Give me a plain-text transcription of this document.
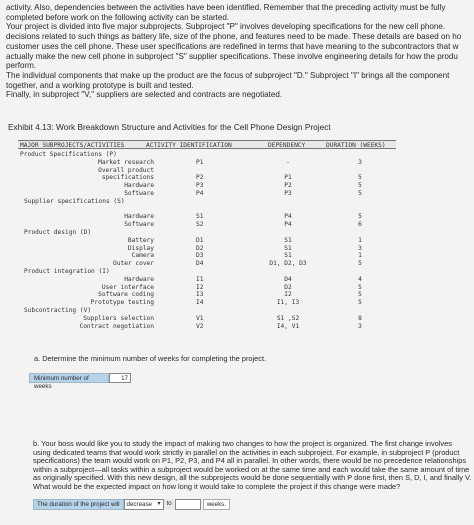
activity. Also, dependencies between the activities have been identified. Remember that the preceding activity must be fully

completed before work on the following activity can be started.

Your project is divided into five major subprojects. Subproject "P" involves developing specifications for the new cell phone.

decisions related to such things as battery life, size of the phone, and features need to be made. These details are based on ho

customer uses the cell phone. These user specifications are redefined in terms that have meaning to the subcontractors that w

actually make the new cell phone in subproject "S" supplier specifications. These involve engineering details for how the produ

perform.

The individual components that make up the product are the focus of subproject "D." Subproject "I" brings all the component

together, and a working prototype is built and tested.

Finally, in subproject "V," suppliers are selected and contracts are negotiated.

Exhibit 4.13: Work Breakdown Structure and Activities for the Cell Phone Design Project
MAJOR SUBPROJECTS/ACTIVITIES	ACTIVITY IDENTIFICATION	DEPENDENCY	DURATION (WEEKS)
Product Specifications (P)
Market research	P1	-	3
Overall product
specifications	P2	P1	5
Hardware	P3	P2	5
Software	P4	P3	5
Supplier specifications (S)
Hardware	S1	P4	5
Software	S2	P4	6
Product design (D)
Battery	D1	S1	1
Display	D2	S1	3
Camera	D3	S1	1
Outer cover	D4	D1, D2, D3	5
Product integration (I)
Hardware	I1	D4	4
User interface	I2	D2	5
Software coding	I3	I2	5
Prototype testing	I4	I1, I3	5
Subcontracting (V)
Suppliers selection	V1	S1 ,S2	8
Contract negotiation	V2	I4, V1	3
a. Determine the minimum number of weeks for completing the project.
Minimum number of weeks
17

b. Your boss would like you to study the impact of making two changes to how the project is organized. The first change involves

using dedicated teams that would work strictly in parallel on the activities in each subproject. For example, in subproject P (product

specifications) the team would work on P1, P2, P3, and P4 all in parallel. In other words, there would be no precedence relationships

within a subproject—all tasks within a subproject would be worked on at the same time and each would take the same amount of time

as originally specified. With this new design, all the subprojects would be done sequentially with P done first, then S, D, I, and finally V.

What would be the expected impact on how long it would take to complete the project if this change were made?

The duration of the project will	decrease ▾	to	weeks.
